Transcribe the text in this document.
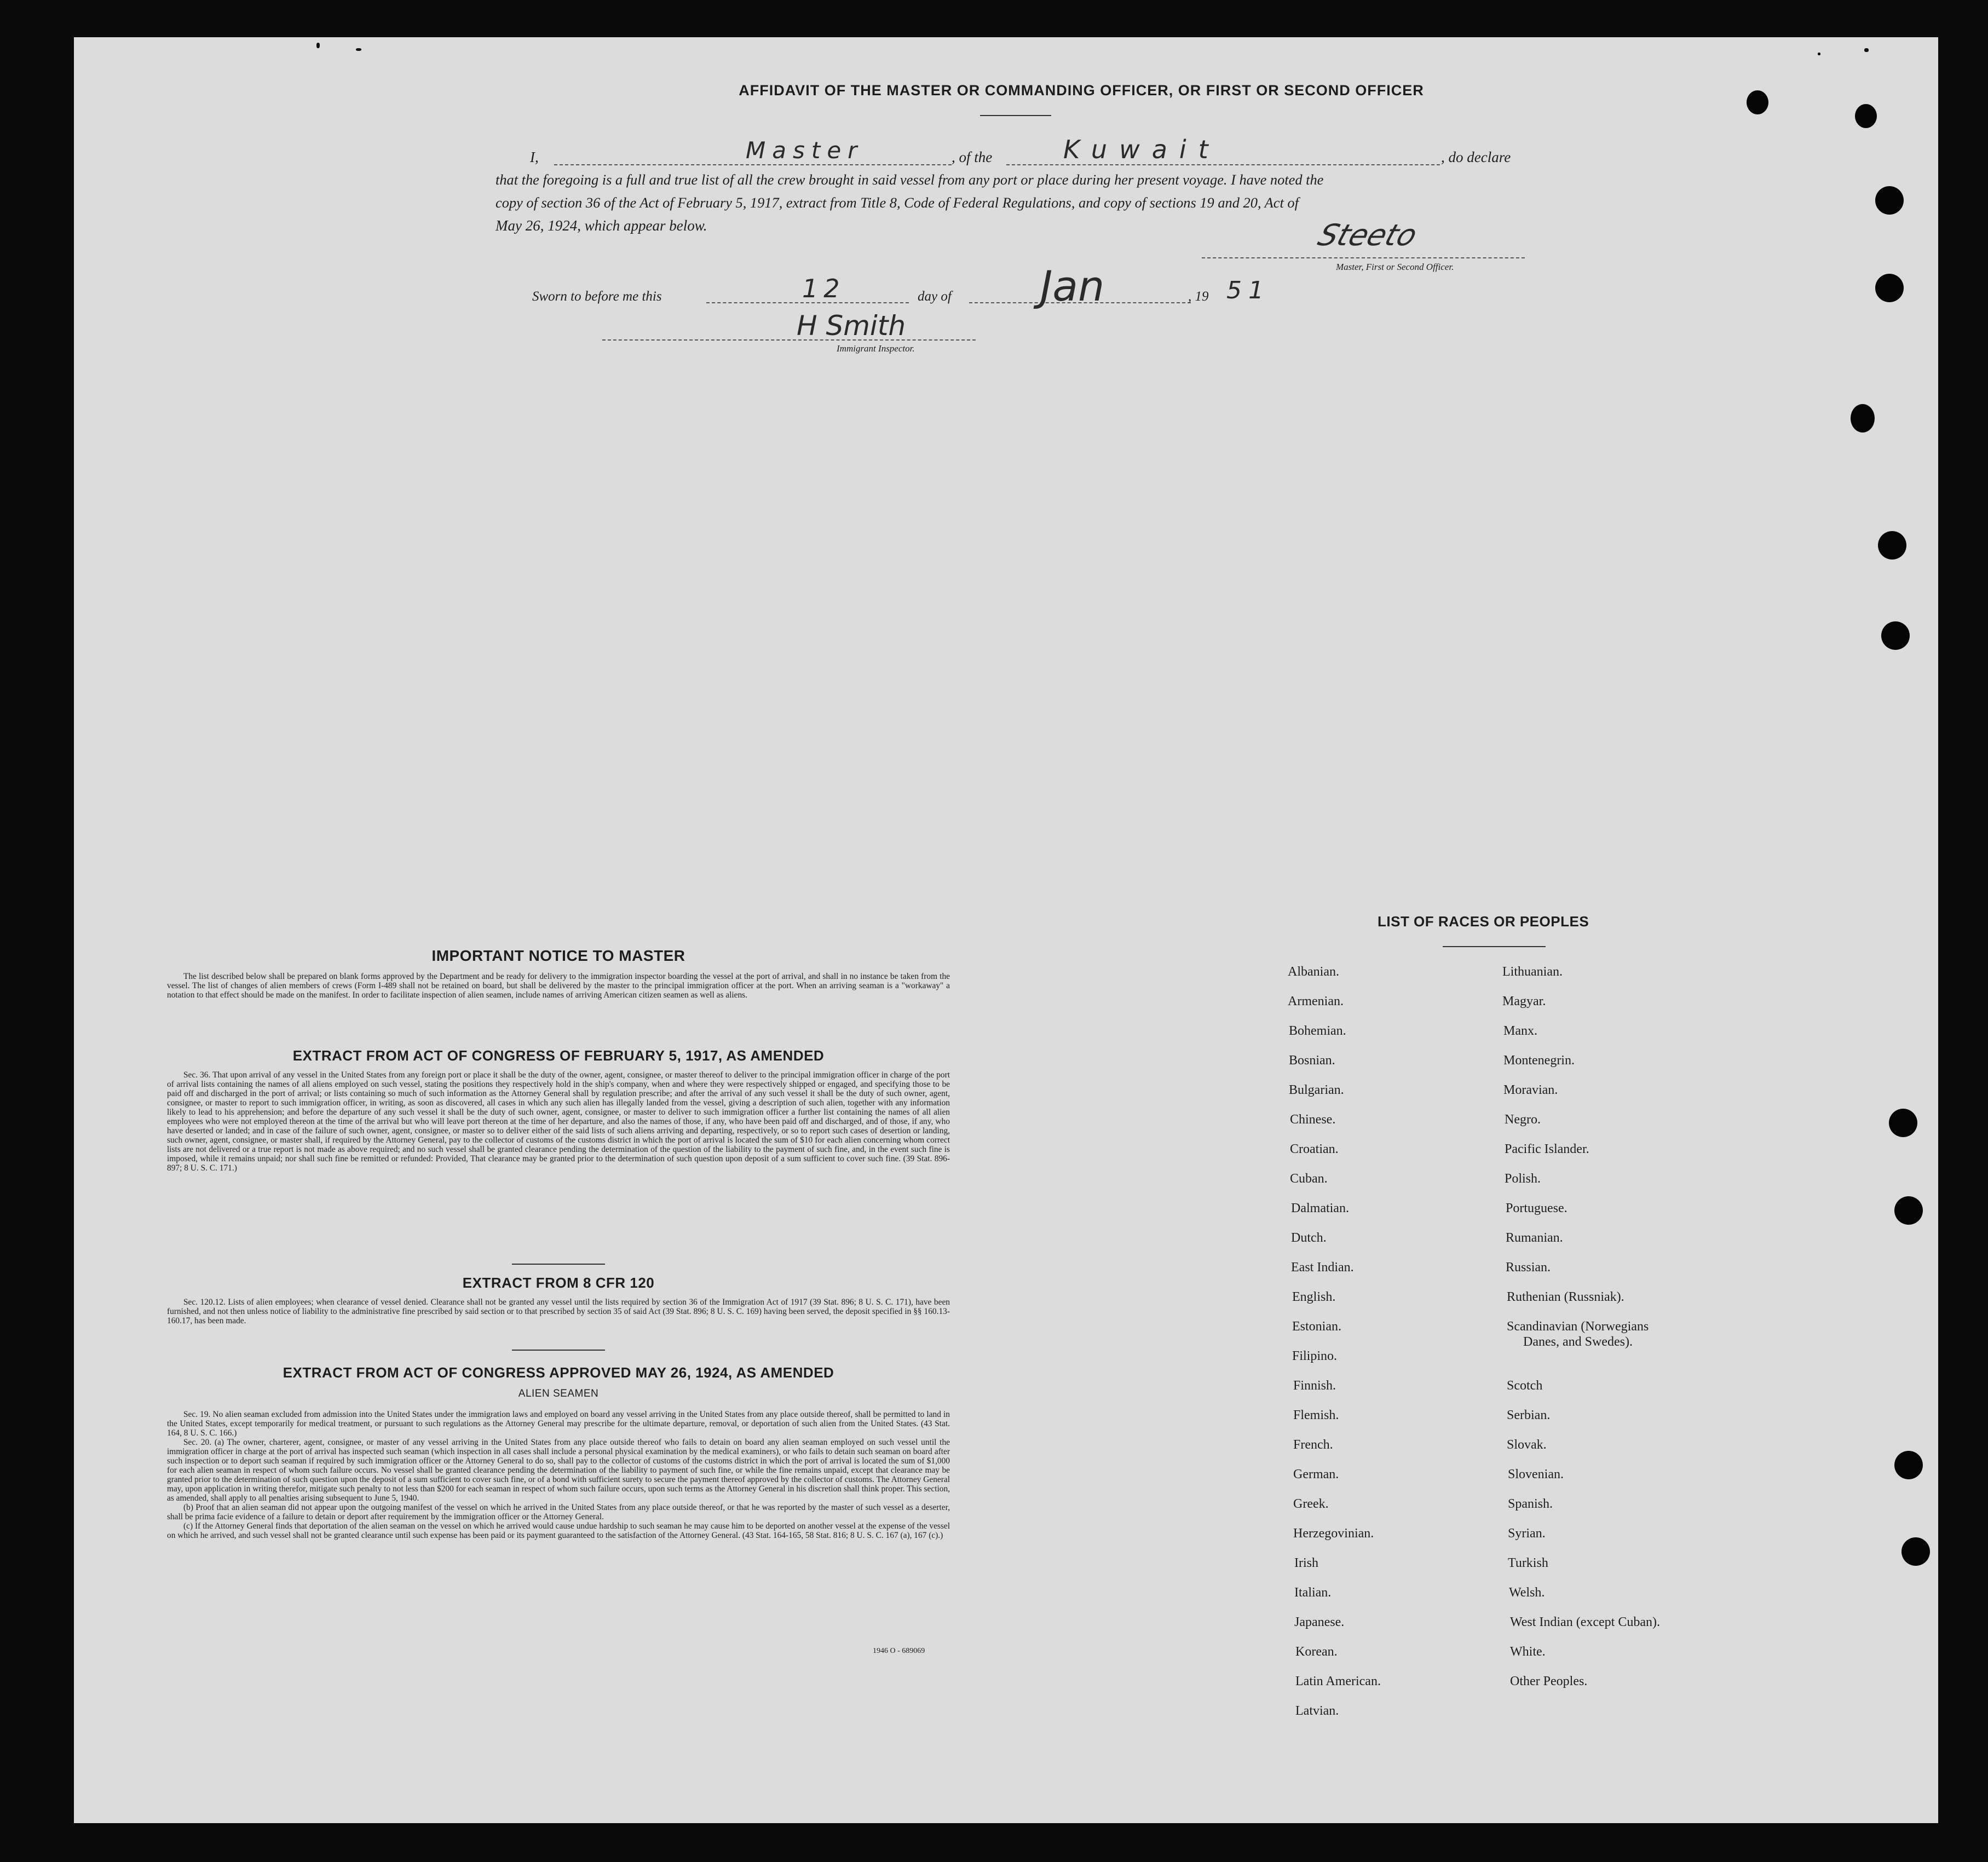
AFFIDAVIT OF THE MASTER OR COMMANDING OFFICER, OR FIRST OR SECOND OFFICER
I,	Master	, of the	Kuwait	, do declare
that the foregoing is a full and true list of all the crew brought in said vessel from any port or place during her present voyage. I have noted the
copy of section 36 of the Act of February 5, 1917, extract from Title 8, Code of Federal Regulations, and copy of sections 19 and 20, Act of
May 26, 1924, which appear below.	Steeto
Master, First or Second Officer.
Sworn to before me this	12	day of Jan	, 19 51
H Smith
Immigrant Inspector.
IMPORTANT NOTICE TO MASTER

The list described below shall be prepared on blank forms approved by the Department and be ready for delivery to the immigration inspector boarding the vessel at the port of arrival, and shall in no instance be taken from the vessel. The list of changes of alien members of crews (Form I-489 shall not be retained on board, but shall be delivered by the master to the principal immigration officer at the port. When an arriving seaman is a "workaway" a notation to that effect should be made on the manifest. In order to facilitate inspection of alien seamen, include names of arriving American citizen seamen as well as aliens.

EXTRACT FROM ACT OF CONGRESS OF FEBRUARY 5, 1917, AS AMENDED

Sec. 36. That upon arrival of any vessel in the United States from any foreign port or place it shall be the duty of the owner, agent, consignee, or master thereof to deliver to the principal immigration officer in charge of the port of arrival lists containing the names of all aliens employed on such vessel, stating the positions they respectively hold in the ship's company, when and where they were respectively shipped or engaged, and specifying those to be paid off and discharged in the port of arrival; or lists containing so much of such information as the Attorney General shall by regulation prescribe; and after the arrival of any such vessel it shall be the duty of such owner, agent, consignee, or master to report to such immigration officer, in writing, as soon as discovered, all cases in which any such alien has illegally landed from the vessel, giving a description of such alien, together with any information likely to lead to his apprehension; and before the departure of any such vessel it shall be the duty of such owner, agent, consignee, or master to deliver to such immigration officer a further list containing the names of all alien employees who were not employed thereon at the time of the arrival but who will leave port thereon at the time of her departure, and also the names of those, if any, who have been paid off and discharged, and of those, if any, who have deserted or landed; and in case of the failure of such owner, agent, consignee, or master so to deliver either of the said lists of such aliens arriving and departing, respectively, or so to report such cases of desertion or landing, such owner, agent, consignee, or master shall, if required by the Attorney General, pay to the collector of customs of the customs district in which the port of arrival is located the sum of $10 for each alien concerning whom correct lists are not delivered or a true report is not made as above required; and no such vessel shall be granted clearance pending the determination of the question of the liability to the payment of such fine, and, in the event such fine is imposed, while it remains unpaid; nor shall such fine be remitted or refunded: Provided, That clearance may be granted prior to the determination of such question upon deposit of a sum sufficient to cover such fine. (39 Stat. 896-897; 8 U. S. C. 171.)

EXTRACT FROM 8 CFR 120

Sec. 120.12. Lists of alien employees; when clearance of vessel denied. Clearance shall not be granted any vessel until the lists required by section 36 of the Immigration Act of 1917 (39 Stat. 896; 8 U. S. C. 171), have been furnished, and not then unless notice of liability to the administrative fine prescribed by said section or to that prescribed by section 35 of said Act (39 Stat. 896; 8 U. S. C. 169) having been served, the deposit specified in §§ 160.13-160.17, has been made.

EXTRACT FROM ACT OF CONGRESS APPROVED MAY 26, 1924, AS AMENDED
ALIEN SEAMEN

Sec. 19. No alien seaman excluded from admission into the United States under the immigration laws and employed on board any vessel arriving in the United States from any place outside thereof, shall be permitted to land in the United States, except temporarily for medical treatment, or pursuant to such regulations as the Attorney General may prescribe for the ultimate departure, removal, or deportation of such alien from the United States. (43 Stat. 164, 8 U. S. C. 166.)

Sec. 20. (a) The owner, charterer, agent, consignee, or master of any vessel arriving in the United States from any place outside thereof who fails to detain on board any alien seaman employed on such vessel until the immigration officer in charge at the port of arrival has inspected such seaman (which inspection in all cases shall include a personal physical examination by the medical examiners), or who fails to detain such seaman on board after such inspection or to deport such seaman if required by such immigration officer or the Attorney General to do so, shall pay to the collector of customs of the customs district in which the port of arrival is located the sum of $1,000 for each alien seaman in respect of whom such failure occurs. No vessel shall be granted clearance pending the determination of the liability to payment of such fine, or while the fine remains unpaid, except that clearance may be granted prior to the determination of such question upon the deposit of a sum sufficient to cover such fine, or of a bond with sufficient surety to secure the payment thereof approved by the collector of customs. The Attorney General may, upon application in writing therefor, mitigate such penalty to not less than $200 for each seaman in respect of whom such failure occurs, upon such terms as the Attorney General in his discretion shall think proper. This section, as amended, shall apply to all penalties arising subsequent to June 5, 1940.

(b) Proof that an alien seaman did not appear upon the outgoing manifest of the vessel on which he arrived in the United States from any place outside thereof, or that he was reported by the master of such vessel as a deserter, shall be prima facie evidence of a failure to detain or deport after requirement by the immigration officer or the Attorney General.

(c) If the Attorney General finds that deportation of the alien seaman on the vessel on which he arrived would cause undue hardship to such seaman he may cause him to be deported on another vessel at the expense of the vessel on which he arrived, and such vessel shall not be granted clearance until such expense has been paid or its payment guaranteed to the satisfaction of the Attorney General. (43 Stat. 164-165, 58 Stat. 816; 8 U. S. C. 167 (a), 167 (c).)

1946 O - 689069
LIST OF RACES OR PEOPLES
Albanian.
Armenian.
Bohemian.
Bosnian.
Bulgarian.
Chinese.
Croatian.
Cuban.
Dalmatian.
Dutch.
East Indian.
English.
Estonian.
Filipino.
Finnish.
Flemish.
French.
German.
Greek.
Herzegovinian.
Irish
Italian.
Japanese.
Korean.
Latin American.
Latvian.
Lithuanian.
Magyar.
Manx.
Montenegrin.
Moravian.
Negro.
Pacific Islander.
Polish.
Portuguese.
Rumanian.
Russian.
Ruthenian (Russniak).
Scandinavian (Norwegians
Danes, and Swedes).
Scotch
Serbian.
Slovak.
Slovenian.
Spanish.
Syrian.
Turkish
Welsh.
West Indian (except Cuban).
White.
Other Peoples.
